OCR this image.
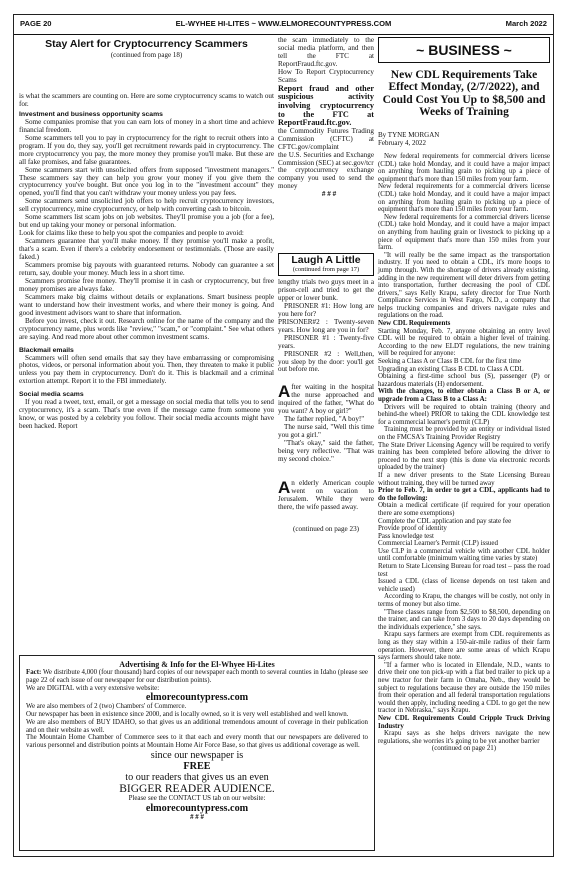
PAGE 20	EL-WYHEE HI-LITES ~ WWW.ELMORECOUNTYPRESS.COM	March 2022
Stay Alert for Cryptocurrency Scammers
(continued from page 18)

is what the scammers are counting on. Here are some cryptocurrency scams to watch out for.

Investment and business opportunity scams

Some companies promise that you can earn lots of money in a short time and achieve financial freedom.

Some scammers tell you to pay in cryptocurrency for the right to recruit others into a program. If you do, they say, you'll get recruitment rewards paid in cryptocurrency. The more cryptocurrency you pay, the more money they promise you'll make. But these are all fake promises, and false guarantees.

Some scammers start with unsolicited offers from supposed "investment managers." These scammers say they can help you grow your money if you give them the cryptocurrency you've bought. But once you log in to the "investment account" they opened, you'll find that you can't withdraw your money unless you pay fees.

Some scammers send unsolicited job offers to help recruit cryptocurrency investors, sell cryptocurrency, mine cryptocurrency, or help with converting cash to bitcoin.

Some scammers list scam jobs on job websites. They'll promise you a job (for a fee), but end up taking your money or personal information.

Look for claims like these to help you spot the companies and people to avoid:

Scammers guarantee that you'll make money. If they promise you'll make a profit, that's a scam. Even if there's a celebrity endorsement or testimonials. (Those are easily faked.)

Scammers promise big payouts with guaranteed returns. Nobody can guarantee a set return, say, double your money. Much less in a short time.

Scammers promise free money. They'll promise it in cash or cryptocurrency, but free money promises are always fake.

Scammers make big claims without details or explanations. Smart business people want to understand how their investment works, and where their money is going. And good investment advisors want to share that information.

Before you invest, check it out. Research online for the name of the company and the cryptocurrency name, plus words like "review," "scam," or "complaint." See what others are saying. And read more about other common investment scams.

Blackmail emails

Scammers will often send emails that say they have embarrassing or compromising photos, videos, or personal information about you. Then, they threaten to make it public unless you pay them in cryptocurrency. Don't do it. This is blackmail and a criminal extortion attempt. Report it to the FBI immediately.

Social media scams

If you read a tweet, text, email, or get a message on social media that tells you to send cryptocurrency, it's a scam. That's true even if the message came from someone you know, or was posted by a celebrity you follow. Their social media accounts might have been hacked. Report

the scam immediately to the social media platform, and then tell the FTC at ReportFraud.ftc.gov.

How To Report Cryptocurrency Scams

Report fraud and other suspicious activity involving cryptocurrency to the FTC at ReportFraud.ftc.gov.

the Commodity Futures Trading Commission (CFTC) at CFTC.gov/complaint

the U.S. Securities and Exchange Commission (SEC) at sec.gov/tcr

the cryptocurrency exchange company you used to send the money

# # #

Laugh A Little
(continued from page 17)

lengthy trials two guys meet in a prison-cell and tried to get the upper or lower bunk.

PRISONER #1: How long are you here for?

PRISONER#2 : Twenty-seven years. How long are you in for?

PRISONER #1 : Twenty-five years.

PRISONER #2 : Well,then, you sleep by the door: you'll get out before me.

After waiting in the hospital the nurse approached and inquired of the father, "What do you want? A boy or girl?"

The father replied, "A boy!"

The nurse said, "Well this time you got a girl."

"That's okay," said the father, being very reflective. "That was my second choice."

An elderly American couple went on vacation to Jerusalem. While they were there, the wife passed away.

(continued on page 23)

~ BUSINESS ~
New CDL Requirements Take Effect Monday, (2/7/2022), and Could Cost You Up to $8,500 and Weeks of Training
By TYNE MORGAN
February 4, 2022

New federal requirements for commercial drivers license (CDL) take hold Monday, and it could have a major impact on anything from hauling grain to picking up a piece of equipment that's more than 150 miles from your farm.

New federal requirements for a commercial drivers license (CDL) take hold Monday, and it could have a major impact on anything from hauling grain to picking up a piece of equipment that's more than 150 miles from your farm.

New federal requirements for a commercial drivers license (CDL) take hold Monday, and it could have a major impact on anything from hauling grain or livestock to picking up a piece of equipment that's more than 150 miles from your farm.

"It will really be the same impact as the transportation industry. If you need to obtain a CDL, it's more hoops to jump through. With the shortage of drivers already existing, adding in the new requirement will deter drivers from getting into transportation, further decreasing the pool of CDL drivers," says Kelly Krapu, safety director for True North Compliance Services in West Fargo, N.D., a company that helps trucking companies and drivers navigate rules and regulations on the road.

New CDL Requirements

Starting Monday, Feb. 7, anyone obtaining an entry level CDL will be required to obtain a higher level of training. According to the new ELDT regulations, the new training will be required for anyone:

Seeking a Class A or Class B CDL for the first time

Upgrading an existing Class B CDL to Class A CDL

Obtaining a first-time school bus (S), passenger (P) or hazardous materials (H) endorsement.

With the changes, to either obtain a Class B or A, or upgrade from a Class B to a Class A:

Drivers will be required to obtain training (theory and behind-the wheel) PRIOR to taking the CDL knowledge test for a commercial learner's permit (CLP)

Training must be provided by an entity or individual listed on the FMCSA's Training Provider Registry

The State Driver Licensing Agency will be required to verify training has been completed before allowing the driver to proceed to the next step (this is done via electronic records uploaded by the trainer)

If a new driver presents to the State Licensing Bureau without training, they will be turned away

Prior to Feb. 7, in order to get a CDL, applicants had to do the following:

Obtain a medical certificate (if required for your operation there are some exemptions)

Complete the CDL application and pay state fee

Provide proof of identity

Pass knowledge test

Commercial Learner's Permit (CLP) issued

Use CLP in a commercial vehicle with another CDL holder until comfortable (minimum waiting time varies by state)

Return to State Licensing Bureau for road test – pass the road test

Issued a CDL (class of license depends on test taken and vehicle used)

According to Krapu, the changes will be costly, not only in terms of money but also time.

"These classes range from $2,500 to $8,500, depending on the trainer, and can take from 3 days to 20 days depending on the individuals experience," she says.

Krapu says farmers are exempt from CDL requirements as long as they stay within a 150-air-mile radius of their farm operation. However, there are some areas of which Krapu says farmers should take note.

"If a farmer who is located in Ellendale, N.D., wants to drive their one ton pick-up with a flat bed trailer to pick up a new tractor for their farm in Omaha, Neb., they would be subject to regulations because they are outside the 150 miles from their operation and all federal transportation regulations would then apply, including needing a CDL to go get the new tractor in Nebraska," says Krapu.

New CDL Requirements Could Cripple Truck Driving Industry

Krapu says as she helps drivers navigate the new regulations, she worries it's going to be yet another barrier

(continued on page 21)

Advertising & Info for the El-Whyee Hi-Lites

Fact: We distribute 4,000 (four thousand) hard copies of our newspaper each month to several counties in Idaho (please see page 22 of each issue of our newspaper for our distribution points).

We are DIGITAL with a very extensive website:

elmorecountypress.com

We are also members of 2 (two) Chambers' of Commerce.

Our newspaper has been in existence since 2000, and is locally owned, so it is very well established and well known.

We are also members of BUY IDAHO, so that gives us an additional tremendous amount of coverage in their publication and on their website as well.

The Mountain Home Chamber of Commerce sees to it that each and every month that our newspapers are delivered to various personnel and distribution points at Mountain Home Air Force Base, so that gives us additional coverage as well.

since our newspaper is
FREE
to our readers that gives us an even
BIGGER READER AUDIENCE.
Please see the CONTACT US tab on our website:
elmorecountypress.com
# # #
